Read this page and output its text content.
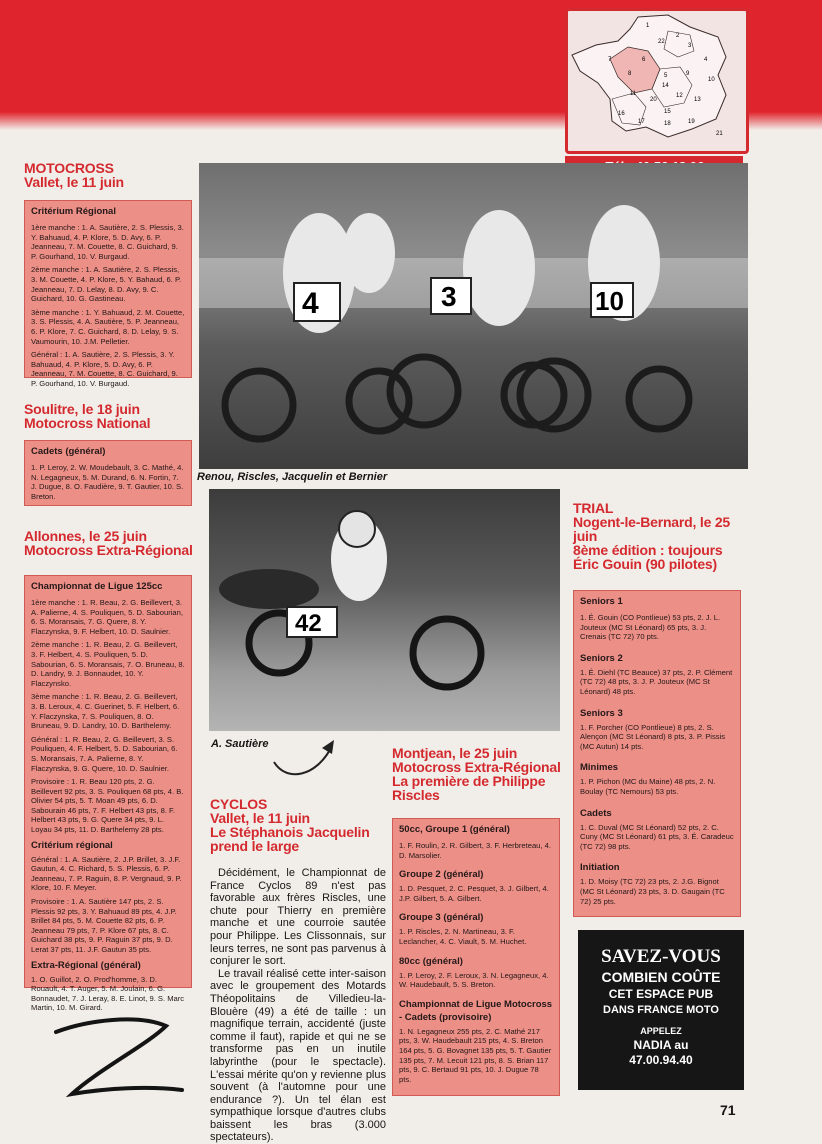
1
2
22
3
4
5
6
7
8	9
10
11	12
13
14
15
16
17	18	19
20
21
MOTOCROSS
Vallet, le 11 juin
Critérium Régional

1ère manche : 1. A. Sautière, 2. S. Plessis, 3. Y. Bahuaud, 4. P. Klore, 5. D. Avy, 6. P. Jeanneau, 7. M. Couette, 8. C. Guichard, 9. P. Gourhand, 10. V. Burgaud.

2ème manche : 1. A. Sautière, 2. S. Plessis, 3. M. Couette, 4. P. Klore, 5. Y. Bahaud, 6. P. Jeanneau, 7. D. Lelay, 8. D. Avy, 9. C. Guichard, 10. G. Gastineau.

3ème manche : 1. Y. Bahuaud, 2. M. Couette, 3. S. Plessis, 4. A. Sautière, 5. P. Jeanneau, 6. P. Klore, 7. C. Guichard, 8. D. Lelay, 9. S. Vaumourin, 10. J.M. Pelletier.

Général : 1. A. Sautière, 2. S. Plessis, 3. Y. Bahuaud, 4. P. Klore, 5. D. Avy, 6. P. Jeanneau, 7. M. Couette, 8. C. Guichard, 9. P. Gourhand, 10. V. Burgaud.

Soulitre, le 18 juin
Motocross National
Cadets (général)

1. P. Leroy, 2. W. Moudebault, 3. C. Mathé, 4. N. Legagneux, 5. M. Durand, 6. N. Fortin, 7. J. Dugue, 8. O. Faudière, 9. T. Gautier, 10. S. Breton.

4	3	10
Renou, Riscles, Jacquelin et Bernier
Allonnes, le 25 juin
Motocross Extra-Régional
Championnat de Ligue 125cc

1ère manche : 1. R. Beau, 2. G. Beillevert, 3. A. Palierne, 4. S. Pouliquen, 5. D. Sabourian, 6. S. Moransais, 7. G. Quere, 8. Y. Flaczynska, 9. F. Helbert, 10. D. Saulnier.

2ème manche : 1. R. Beau, 2. G. Beillevert, 3. F. Helbert, 4. S. Pouliquen, 5. D. Sabourian, 6. S. Moransais, 7. O. Bruneau, 8. D. Landry, 9. J. Bonnaudet, 10. Y. Flaczynsko.

3ème manche : 1. R. Beau, 2. G. Beillevert, 3. B. Leroux, 4. C. Guerinet, 5. F. Helbert, 6. Y. Flaczynska, 7. S. Pouliquen, 8. O. Bruneau, 9. D. Landry, 10. D. Barthelemy.

Général : 1. R. Beau, 2. G. Beillevert, 3. S. Pouliquen, 4. F. Helbert, 5. D. Sabourian, 6. S. Moransais, 7. A. Palierne, 8. Y. Flaczynska, 9. G. Quere, 10. D. Saulnier.

Provisoire : 1. R. Beau 120 pts, 2. G. Beillevert 92 pts, 3. S. Pouliquen 68 pts, 4. B. Olivier 54 pts, 5. T. Moan 49 pts, 6. D. Sabourain 46 pts, 7. F. Helbert 43 pts, 8. F. Helbert 43 pts, 9. G. Quere 34 pts, 9. L. Loyau 34 pts, 11. D. Barthelemy 28 pts.

Critérium régional

Général : 1. A. Sautière, 2. J.P. Brillet, 3. J.F. Gautun, 4. C. Richard, 5. S. Plessis, 6. P. Jeanneau, 7. P. Raguin, 8. P. Vergnaud, 9. P. Klore, 10. F. Meyer.

Provisoire : 1. A. Sautière 147 pts, 2. S. Plessis 92 pts, 3. Y. Bahuaud 89 pts, 4. J.P. Brillet 84 pts, 5. M. Couette 82 pts, 6. P. Jeanneau 79 pts, 7. P. Klore 67 pts, 8. C. Guichard 38 pts, 9. P. Raguin 37 pts, 9. D. Lerat 37 pts, 11. J.F. Gautun 35 pts.

Extra-Régional (général)

1. O. Guillot, 2. O. Prod'homme, 3. D. Rouault, 4. T. Auger, 5. M. Joulain, 6. G. Bonnaudet, 7. J. Leray, 8. E. Linot, 9. S. Marc Martin, 10. M. Girard.

42
A. Sautière
TRIAL
Nogent-le-Bernard, le 25
juin
8ème édition : toujours
Éric Gouin (90 pilotes)
Seniors 1

1. É. Gouin (CO Pontlieue) 53 pts, 2. J. L. Jouteux (MC St Léonard) 65 pts, 3. J. Crenais (TC 72) 70 pts.

Seniors 2

1. É. Diehl (TC Beauce) 37 pts, 2. P. Clément (TC 72) 48 pts, 3. J. P. Jouteux (MC St Léonard) 48 pts.

Seniors 3

1. F. Porcher (CO Pontlieue) 8 pts, 2. S. Alençon (MC St Léonard) 8 pts, 3. P. Pissis (MC Autun) 14 pts.

Minimes

1. P. Pichon (MC du Maine) 48 pts, 2. N. Boulay (TC Nemours) 53 pts.

Cadets

1. C. Duval (MC St Léonard) 52 pts, 2. C. Cuny (MC St Léonard) 61 pts, 3. É. Caradeuc (TC 72) 98 pts.

Initiation

1. D. Moisy (TC 72) 23 pts, 2. J.G. Bignot (MC St Léonard) 23 pts, 3. D. Gaugain (TC 72) 25 pts.

CYCLOS
Vallet, le 11 juin
Le Stéphanois Jacquelin
prend le large
Décidément, le Championnat de France Cyclos 89 n'est pas favorable aux frères Riscles, une chute pour Thierry en première manche et une courroie sautée pour Philippe. Les Clissonnais, sur leurs terres, ne sont pas parvenus à conjurer le sort.
Le travail réalisé cette inter-saison avec le groupement des Motards Théopolitains de Villedieu-la-Blouère (49) a été de taille : un magnifique terrain, accidenté (juste comme il faut), rapide et qui ne se transforme pas en un inutile labyrinthe (pour le spectacle). L'essai mérite qu'on y revienne plus souvent (à l'automne pour une endurance ?). Un tel élan est sympathique lorsque d'autres clubs baissent les bras (3.000 spectateurs).
Montjean, le 25 juin
Motocross Extra-Régional
La première de Philippe
Riscles
50cc, Groupe 1 (général)

1. F. Roulin, 2. R. Gilbert, 3. F. Herbreteau, 4. D. Marsolier.

Groupe 2 (général)

1. D. Pesquet, 2. C. Pesquet, 3. J. Gilbert, 4. J.P. Gilbert, 5. A. Gilbert.

Groupe 3 (général)

1. P. Riscles, 2. N. Martineau, 3. F. Leclancher, 4. C. Viault, 5. M. Huchet.

80cc (général)

1. P. Leroy, 2. F. Leroux, 3. N. Legagneux, 4. W. Haudebault, 5. S. Breton.

Championnat de Ligue Motocross - Cadets (provisoire)

1. N. Legagneux 255 pts, 2. C. Mathé 217 pts, 3. W. Haudebault 215 pts, 4. S. Breton 164 pts, 5. G. Bovagnet 135 pts, 5. T. Gautier 135 pts, 7. M. Lecuit 121 pts, 8. S. Brian 117 pts, 9. C. Bertaud 91 pts, 10. J. Dugue 78 pts.

SAVEZ-VOUS
COMBIEN COÛTE
CET ESPACE PUB
DANS FRANCE MOTO
APPELEZ
NADIA au
47.00.94.40
71
